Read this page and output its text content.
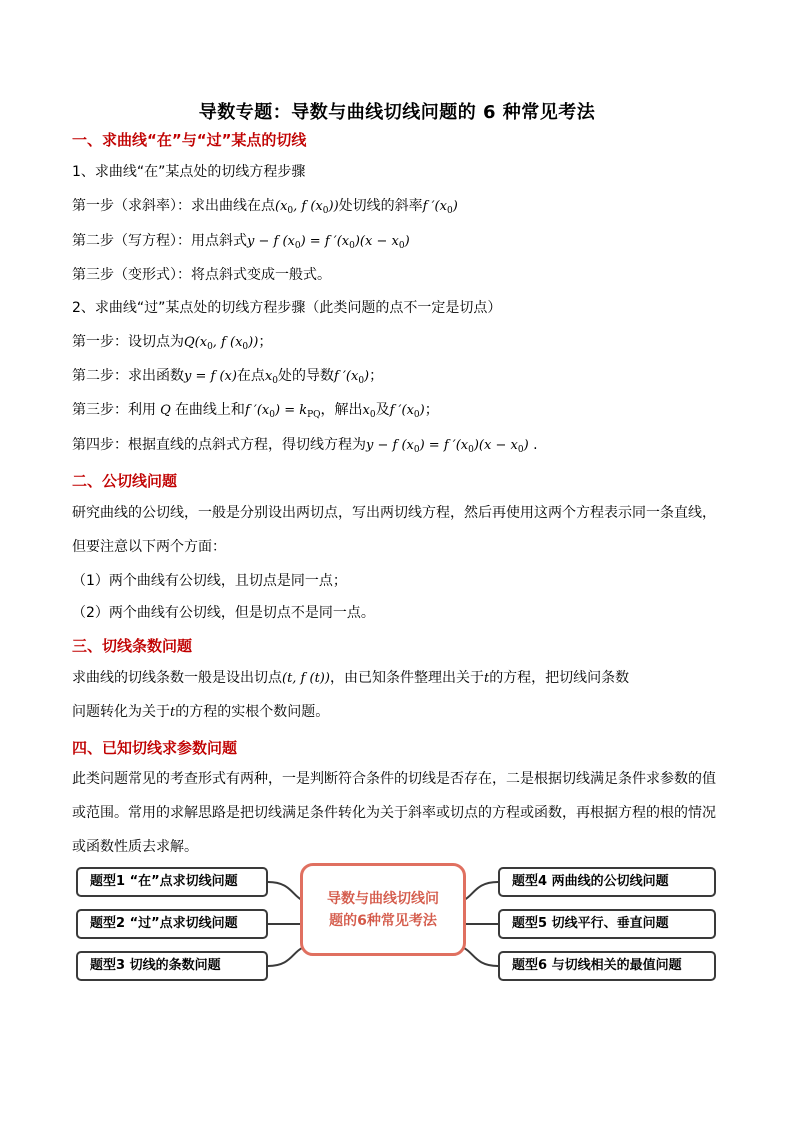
导数专题：导数与曲线切线问题的 6 种常见考法
一、求曲线“在”与“过”某点的切线
1、求曲线“在”某点处的切线方程步骤
第一步（求斜率）：求出曲线在点($x_0$, f $(x_0)$)处切线的斜率f $'(x_0)$
第二步（写方程）：用点斜式y − f $(x_0) = f$ $'(x_0)(x - x_0)$
第三步（变形式）：将点斜式变成一般式。
2、求曲线“过”某点处的切线方程步骤（此类问题的点不一定是切点）
第一步：设切点为$Q(x_0$, f $(x_0)$)；
第二步：求出函数y = f (x)在点$x_0$处的导数f $'(x_0)$；
第三步：利用 Q 在曲线上和f $'(x_0) = k_{PQ}$，解出$x_0$及f $'(x_0)$；
第四步：根据直线的点斜式方程，得切线方程为y − f $(x_0) = f$ $'(x_0)(x - x_0)$ .
二、公切线问题
研究曲线的公切线，一般是分别设出两切点，写出两切线方程，然后再使用这两个方程表示同一条直线，但要注意以下两个方面：
（1）两个曲线有公切线，且切点是同一点；
（2）两个曲线有公切线，但是切点不是同一点。
三、切线条数问题
求曲线的切线条数一般是设出切点(t, f (t))，由已知条件整理出关于t的方程，把切线问条数
问题转化为关于t的方程的实根个数问题。
四、已知切线求参数问题
此类问题常见的考查形式有两种，一是判断符合条件的切线是否存在，二是根据切线满足条件求参数的值或范围。常用的求解思路是把切线满足条件转化为关于斜率或切点的方程或函数，再根据方程的根的情况或函数性质去求解。
题型1 “在”点求切线问题
题型2 “过”点求切线问题
题型3 切线的条数问题
导数与曲线切线问
题的6种常见考法
题型4 两曲线的公切线问题
题型5 切线平行、垂直问题
题型6 与切线相关的最值问题
